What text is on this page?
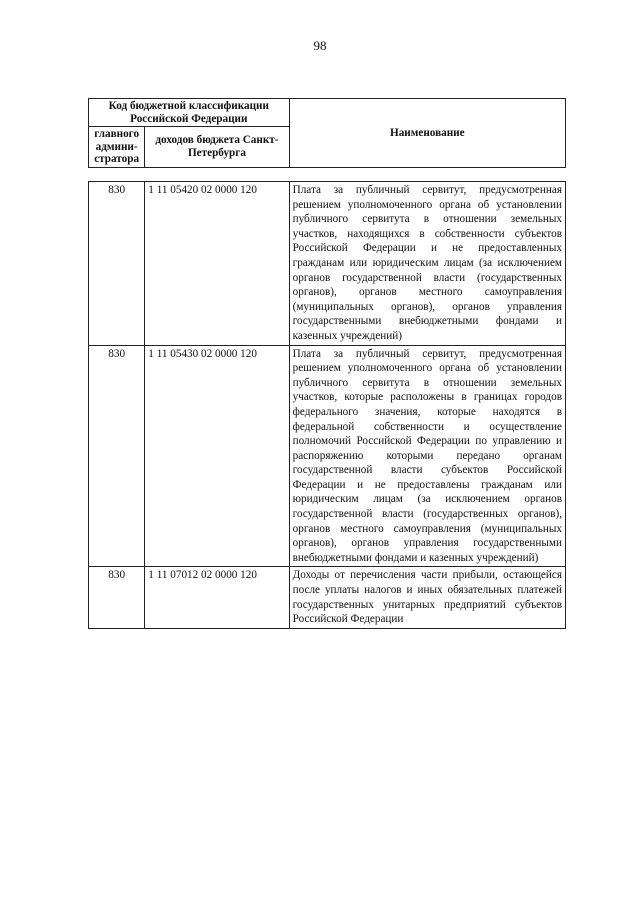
98
Код бюджетной классификации Российской Федерации		Наименование
главного админи-стратора	доходов бюджета Санкт-Петербурга	
830	1 11 05420 02 0000 120	Плата за публичный сервитут, предусмотренная решением уполномоченного органа об установлении публичного сервитута в отношении земельных участков, находящихся в собственности субъектов Российской Федерации и не предоставленных гражданам или юридическим лицам (за исключением органов государственной власти (государственных органов), органов местного самоуправления (муниципальных органов), органов управления государственными внебюджетными фондами и казенных учреждений)
830	1 11 05430 02 0000 120	Плата за публичный сервитут, предусмотренная решением уполномоченного органа об установлении публичного сервитута в отношении земельных участков, которые расположены в границах городов федерального значения, которые находятся в федеральной собственности и осуществление полномочий Российской Федерации по управлению и распоряжению которыми передано органам государственной власти субъектов Российской Федерации и не предоставлены гражданам или юридическим лицам (за исключением органов государственной власти (государственных органов), органов местного самоуправления (муниципальных органов), органов управления государственными внебюджетными фондами и казенных учреждений)
830	1 11 07012 02 0000 120	Доходы от перечисления части прибыли, остающейся после уплаты налогов и иных обязательных платежей государственных унитарных предприятий субъектов Российской Федерации
